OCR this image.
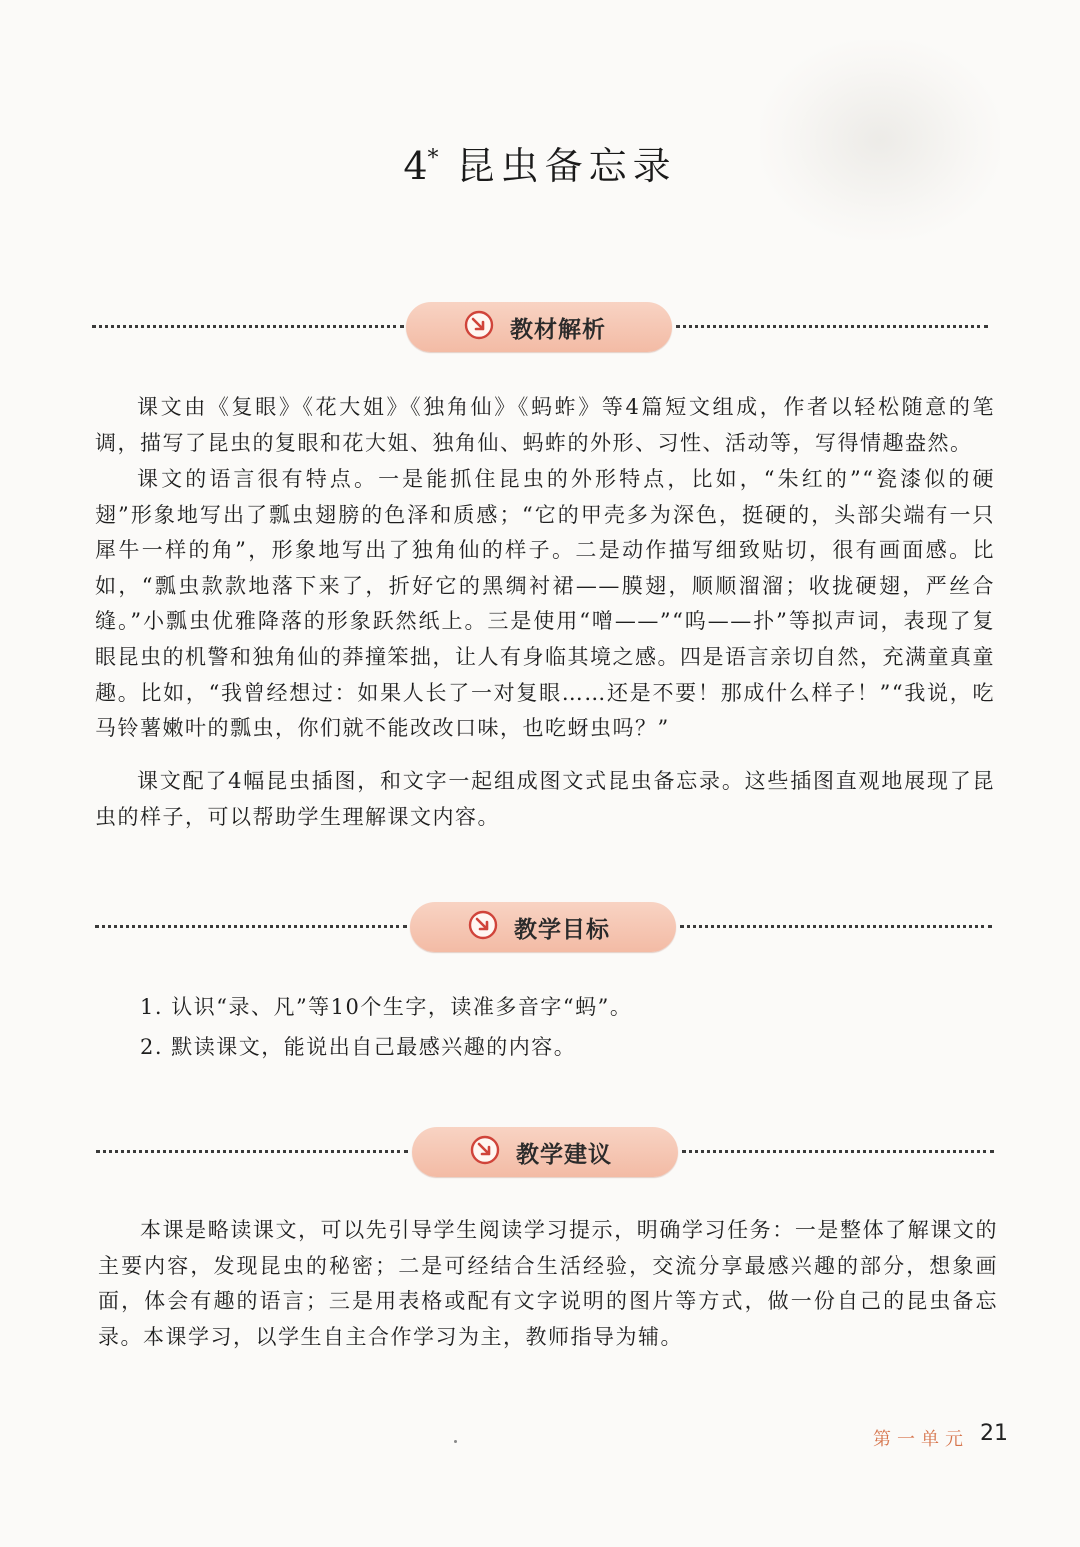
4* 昆虫备忘录
教材解析

课文由《复眼》《花大姐》《独角仙》《蚂蚱》等4篇短文组成，作者以轻松随意的笔调，描写了昆虫的复眼和花大姐、独角仙、蚂蚱的外形、习性、活动等，写得情趣盎然。

课文的语言很有特点。一是能抓住昆虫的外形特点，比如，“朱红的”“瓷漆似的硬翅”形象地写出了瓢虫翅膀的色泽和质感；“它的甲壳多为深色，挺硬的，头部尖端有一只犀牛一样的角”，形象地写出了独角仙的样子。二是动作描写细致贴切，很有画面感。比如，“瓢虫款款地落下来了，折好它的黑绸衬裙——膜翅，顺顺溜溜；收拢硬翅，严丝合缝。”小瓢虫优雅降落的形象跃然纸上。三是使用“噌——”“呜——扑”等拟声词，表现了复眼昆虫的机警和独角仙的莽撞笨拙，让人有身临其境之感。四是语言亲切自然，充满童真童趣。比如，“我曾经想过：如果人长了一对复眼……还是不要！那成什么样子！”“我说，吃马铃薯嫩叶的瓢虫，你们就不能改改口味，也吃蚜虫吗？”

课文配了4幅昆虫插图，和文字一起组成图文式昆虫备忘录。这些插图直观地展现了昆虫的样子，可以帮助学生理解课文内容。

教学目标

1. 认识“录、凡”等10个生字，读准多音字“蚂”。

2. 默读课文，能说出自己最感兴趣的内容。

教学建议

本课是略读课文，可以先引导学生阅读学习提示，明确学习任务：一是整体了解课文的主要内容，发现昆虫的秘密；二是可经结合生活经验，交流分享最感兴趣的部分，想象画面，体会有趣的语言；三是用表格或配有文字说明的图片等方式，做一份自己的昆虫备忘录。本课学习，以学生自主合作学习为主，教师指导为辅。

第一单元 21
